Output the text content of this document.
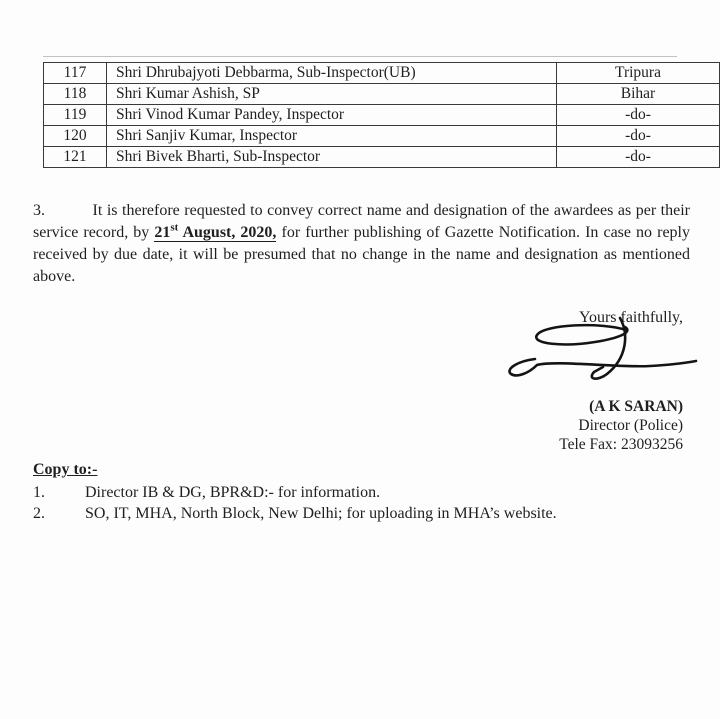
117	Shri Dhrubajyoti Debbarma, Sub-Inspector(UB)	Tripura
118	Shri Kumar Ashish, SP	Bihar
119	Shri Vinod Kumar Pandey, Inspector	-do-
120	Shri Sanjiv Kumar, Inspector	-do-
121	Shri Bivek Bharti, Sub-Inspector	-do-

3.	It is therefore requested to convey correct name and designation of the awardees as per their service record, by 21st August, 2020, for further publishing of Gazette Notification. In case no reply received by due date, it will be presumed that no change in the name and designation as mentioned above.

Yours faithfully,
(A K SARAN)
Director (Police)
Tele Fax: 23093256
Copy to:-
1.	Director IB & DG, BPR&D:- for information.
2.	SO, IT, MHA, North Block, New Delhi; for uploading in MHA’s website.
